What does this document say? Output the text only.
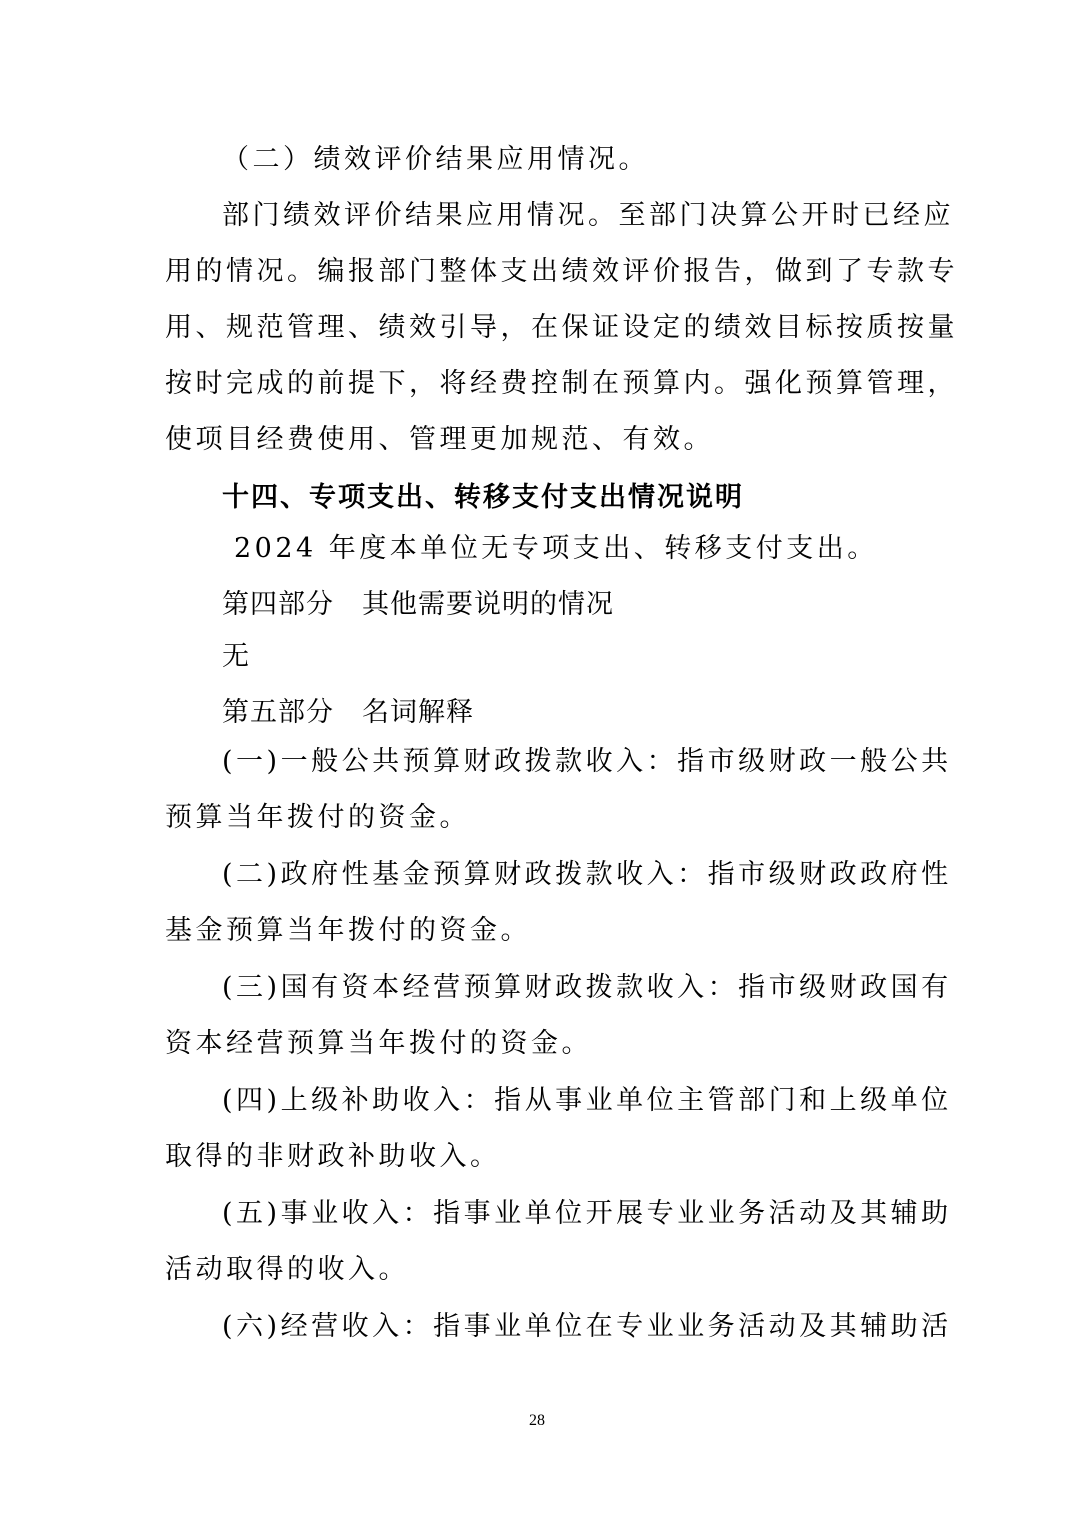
（二）绩效评价结果应用情况。
部门绩效评价结果应用情况。至部门决算公开时已经应
用的情况。编报部门整体支出绩效评价报告，做到了专款专
用、规范管理、绩效引导，在保证设定的绩效目标按质按量
按时完成的前提下，将经费控制在预算内。强化预算管理，
使项目经费使用、管理更加规范、有效。
十四、专项支出、转移支付支出情况说明
2024 年度本单位无专项支出、转移支付支出。
第四部分　其他需要说明的情况
无
第五部分　名词解释
(一)一般公共预算财政拨款收入：指市级财政一般公共
预算当年拨付的资金。
(二)政府性基金预算财政拨款收入：指市级财政政府性
基金预算当年拨付的资金。
(三)国有资本经营预算财政拨款收入：指市级财政国有
资本经营预算当年拨付的资金。
(四)上级补助收入：指从事业单位主管部门和上级单位
取得的非财政补助收入。
(五)事业收入：指事业单位开展专业业务活动及其辅助
活动取得的收入。
(六)经营收入：指事业单位在专业业务活动及其辅助活
28
